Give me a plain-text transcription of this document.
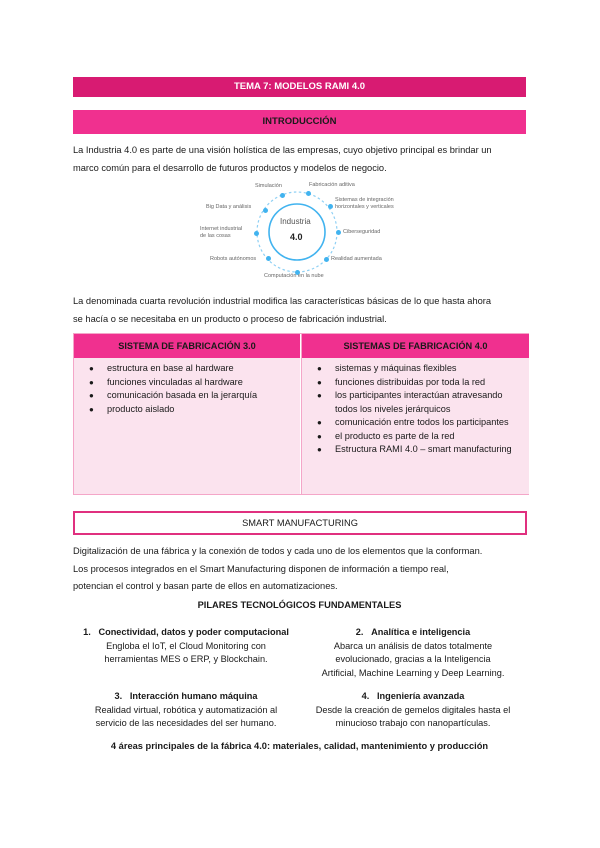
TEMA 7: MODELOS RAMI 4.0
INTRODUCCIÓN
La Industria 4.0 es parte de una visión holística de las empresas, cuyo objetivo principal es brindar un
marco común para el desarrollo de futuros productos y modelos de negocio.
Industria
4.0
Simulación	Fabricación aditiva
Sistemas de integración
horizontales y verticales
Big Data y análisis
Internet industrial
de las cosas
Ciberseguridad
Robots autónomos	Realidad aumentada
Computación en la nube
La denominada cuarta revolución industrial modifica las características básicas de lo que hasta ahora
se hacía o se necesitaba en un producto o proceso de fabricación industrial.
SISTEMA DE FABRICACIÓN 3.0
● estructura en base al hardware
● funciones vinculadas al hardware
● comunicación basada en la jerarquía
● producto aislado
SISTEMAS DE FABRICACIÓN 4.0
● sistemas y máquinas flexibles
● funciones distribuidas por toda la red
● los participantes interactúan atravesando todos los niveles jerárquicos
● comunicación entre todos los participantes
● el producto es parte de la red
● Estructura RAMI 4.0 – smart manufacturing
SMART MANUFACTURING
Digitalización de una fábrica y la conexión de todos y cada uno de los elementos que la conforman.
Los procesos integrados en el Smart Manufacturing disponen de información a tiempo real,
potencian el control y basan parte de ellos en automatizaciones.
PILARES TECNOLÓGICOS FUNDAMENTALES
1. Conectividad, datos y poder computacional
Engloba el IoT, el Cloud Monitoring con
herramientas MES o ERP, y Blockchain.
2. Analítica e inteligencia
Abarca un análisis de datos totalmente
evolucionado, gracias a la Inteligencia
Artificial, Machine Learning y Deep Learning.
3. Interacción humano máquina
Realidad virtual, robótica y automatización al
servicio de las necesidades del ser humano.
4. Ingeniería avanzada
Desde la creación de gemelos digitales hasta el
minucioso trabajo con nanopartículas.
4 áreas principales de la fábrica 4.0: materiales, calidad, mantenimiento y producción
